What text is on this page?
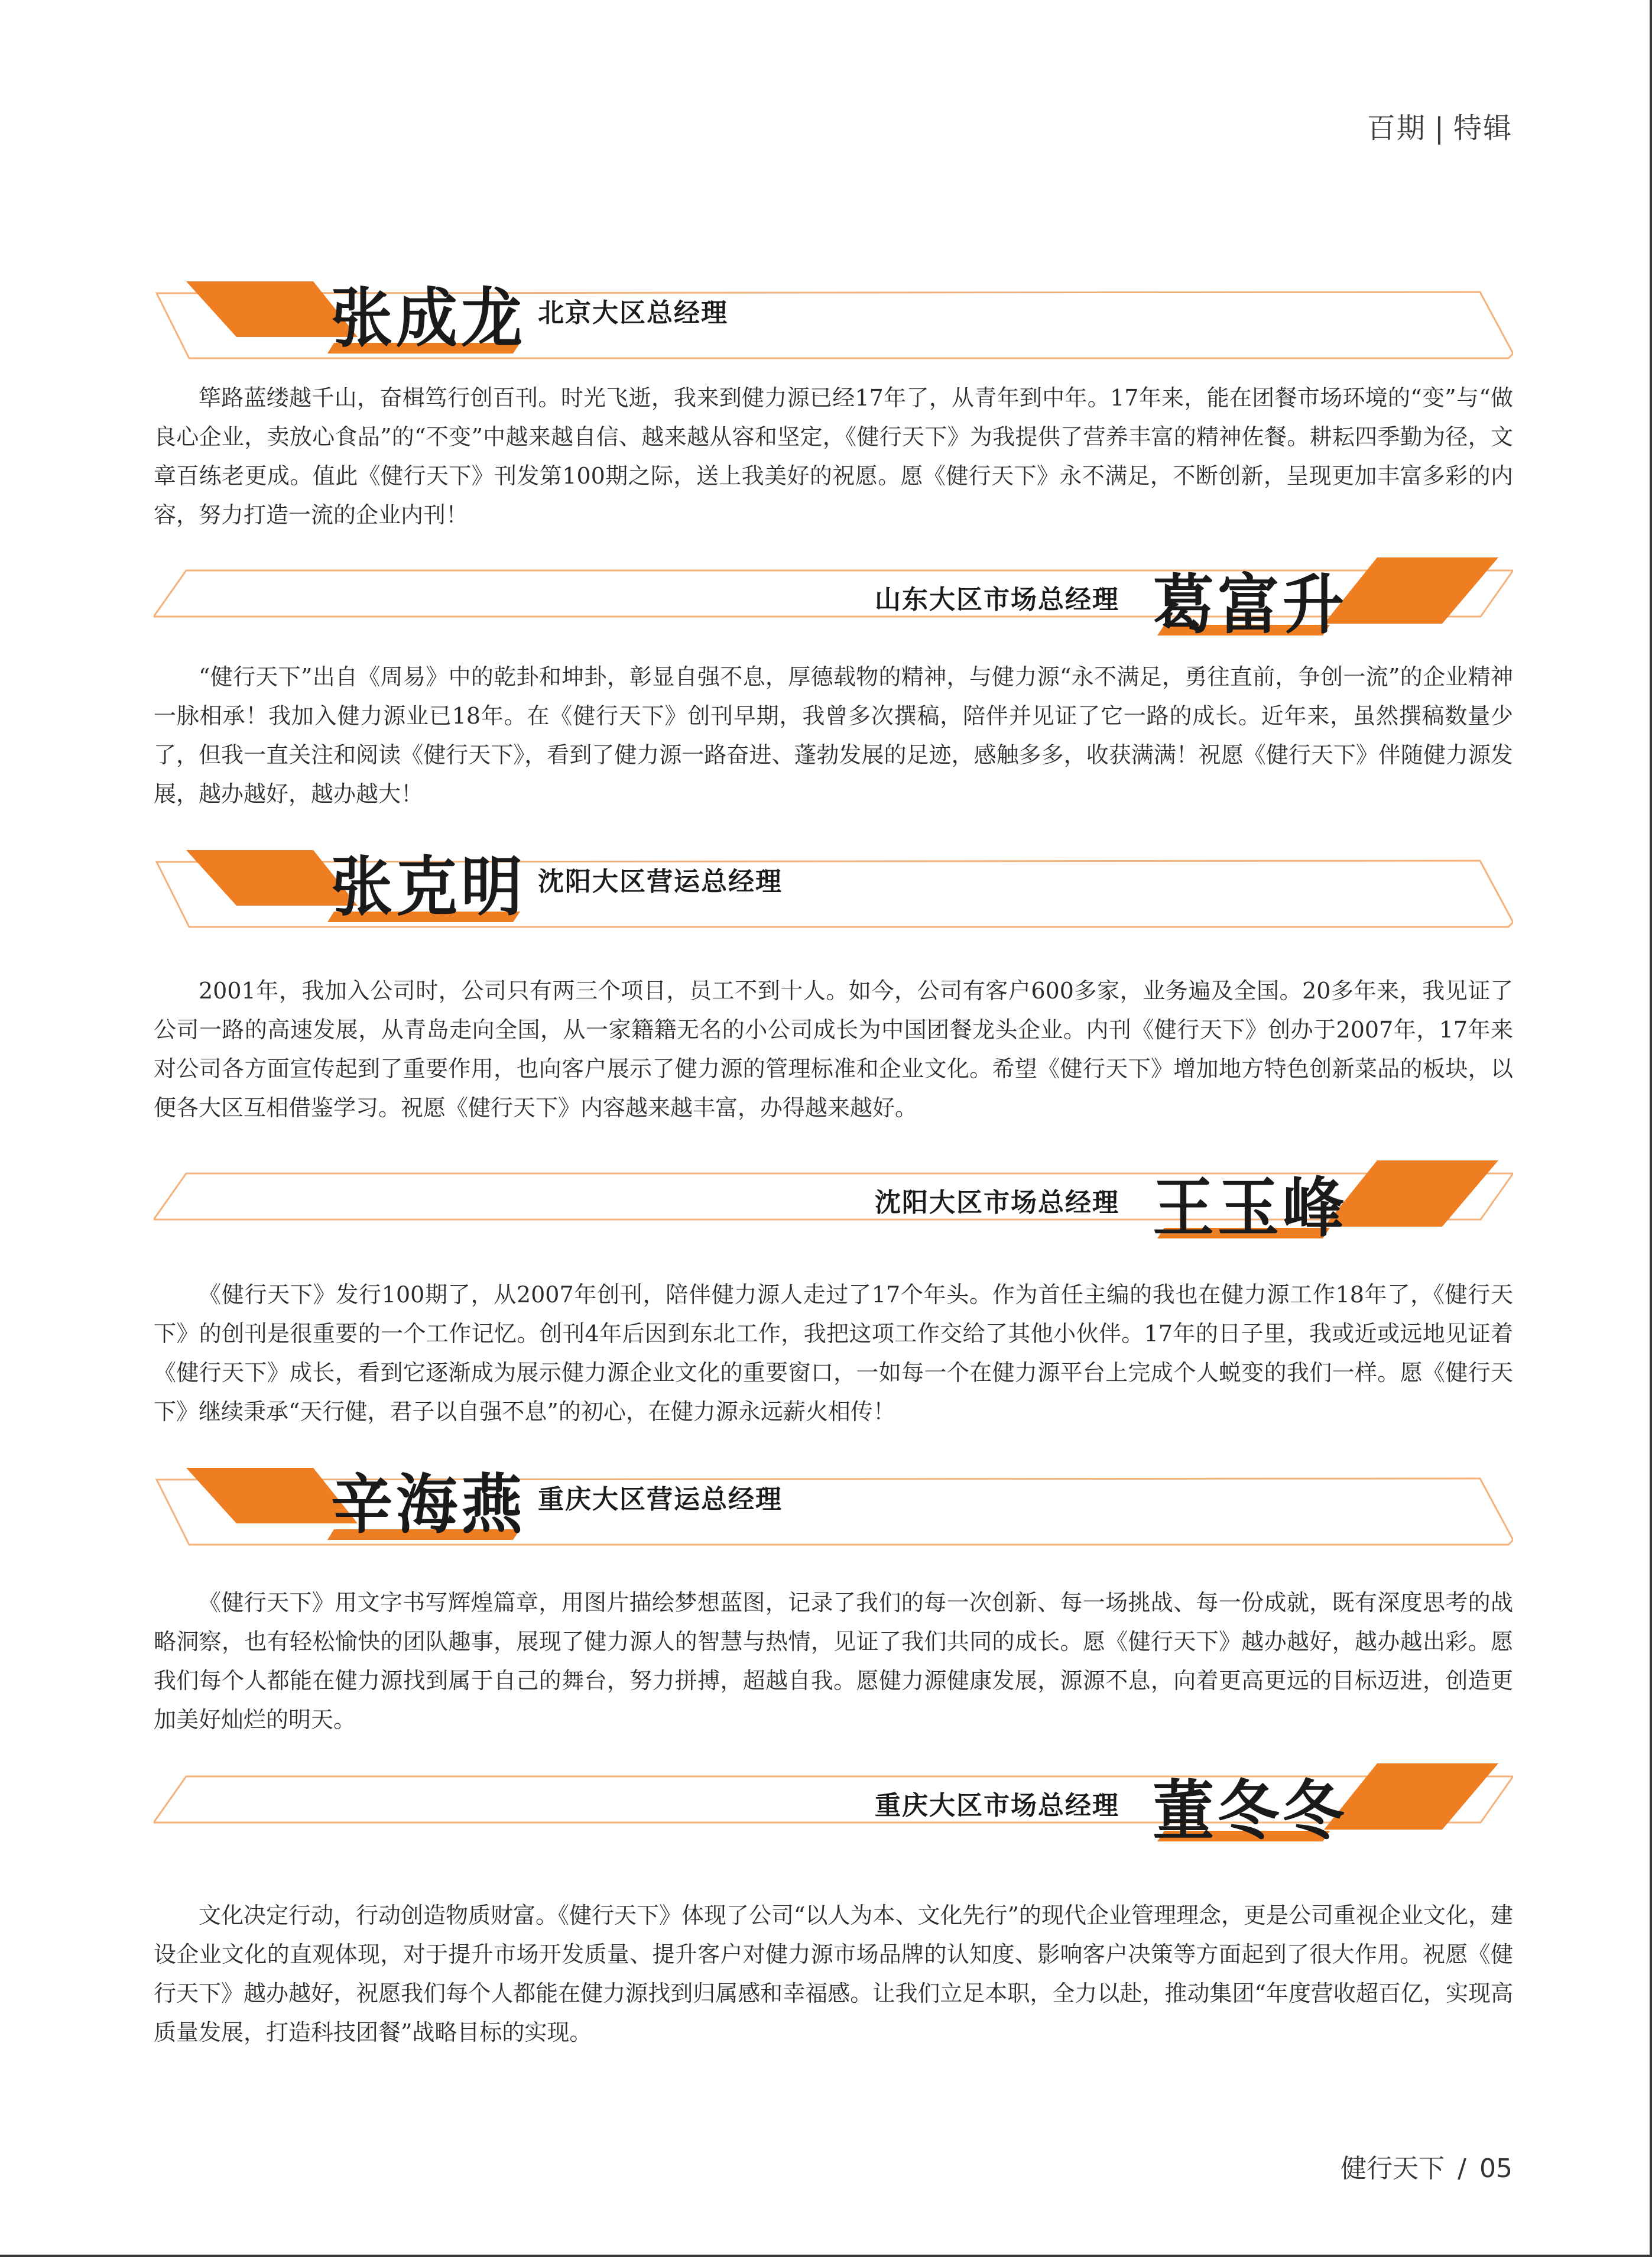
百期 | 特辑
张成龙 北京大区总经理

筚路蓝缕越千山，奋楫笃行创百刊。时光飞逝，我来到健力源已经17年了，从青年到中年。17年来，能在团餐市场环境的“变”与“做良心企业，卖放心食品”的“不变”中越来越自信、越来越从容和坚定，《健行天下》为我提供了营养丰富的精神佐餐。耕耘四季勤为径，文章百练老更成。值此《健行天下》刊发第100期之际，送上我美好的祝愿。愿《健行天下》永不满足，不断创新，呈现更加丰富多彩的内容，努力打造一流的企业内刊！

山东大区市场总经理 葛富升

“健行天下”出自《周易》中的乾卦和坤卦，彰显自强不息，厚德载物的精神，与健力源“永不满足，勇往直前，争创一流”的企业精神一脉相承！我加入健力源业已18年。在《健行天下》创刊早期，我曾多次撰稿，陪伴并见证了它一路的成长。近年来，虽然撰稿数量少了，但我一直关注和阅读《健行天下》，看到了健力源一路奋进、蓬勃发展的足迹，感触多多，收获满满！祝愿《健行天下》伴随健力源发展，越办越好，越办越大！

张克明 沈阳大区营运总经理

2001年，我加入公司时，公司只有两三个项目，员工不到十人。如今，公司有客户600多家，业务遍及全国。20多年来，我见证了公司一路的高速发展，从青岛走向全国，从一家籍籍无名的小公司成长为中国团餐龙头企业。内刊《健行天下》创办于2007年，17年来对公司各方面宣传起到了重要作用，也向客户展示了健力源的管理标准和企业文化。希望《健行天下》增加地方特色创新菜品的板块，以便各大区互相借鉴学习。祝愿《健行天下》内容越来越丰富，办得越来越好。

沈阳大区市场总经理 王玉峰

《健行天下》发行100期了，从2007年创刊，陪伴健力源人走过了17个年头。作为首任主编的我也在健力源工作18年了，《健行天下》的创刊是很重要的一个工作记忆。创刊4年后因到东北工作，我把这项工作交给了其他小伙伴。17年的日子里，我或近或远地见证着《健行天下》成长，看到它逐渐成为展示健力源企业文化的重要窗口，一如每一个在健力源平台上完成个人蜕变的我们一样。愿《健行天下》继续秉承“天行健，君子以自强不息”的初心，在健力源永远薪火相传！

辛海燕 重庆大区营运总经理

《健行天下》用文字书写辉煌篇章，用图片描绘梦想蓝图，记录了我们的每一次创新、每一场挑战、每一份成就，既有深度思考的战略洞察，也有轻松愉快的团队趣事，展现了健力源人的智慧与热情，见证了我们共同的成长。愿《健行天下》越办越好，越办越出彩。愿我们每个人都能在健力源找到属于自己的舞台，努力拼搏，超越自我。愿健力源健康发展，源源不息，向着更高更远的目标迈进，创造更加美好灿烂的明天。

重庆大区市场总经理 董冬冬

文化决定行动，行动创造物质财富。《健行天下》体现了公司“以人为本、文化先行”的现代企业管理理念，更是公司重视企业文化，建设企业文化的直观体现，对于提升市场开发质量、提升客户对健力源市场品牌的认知度、影响客户决策等方面起到了很大作用。祝愿《健行天下》越办越好，祝愿我们每个人都能在健力源找到归属感和幸福感。让我们立足本职，全力以赴，推动集团“年度营收超百亿，实现高质量发展，打造科技团餐”战略目标的实现。

健行天下 / 05
